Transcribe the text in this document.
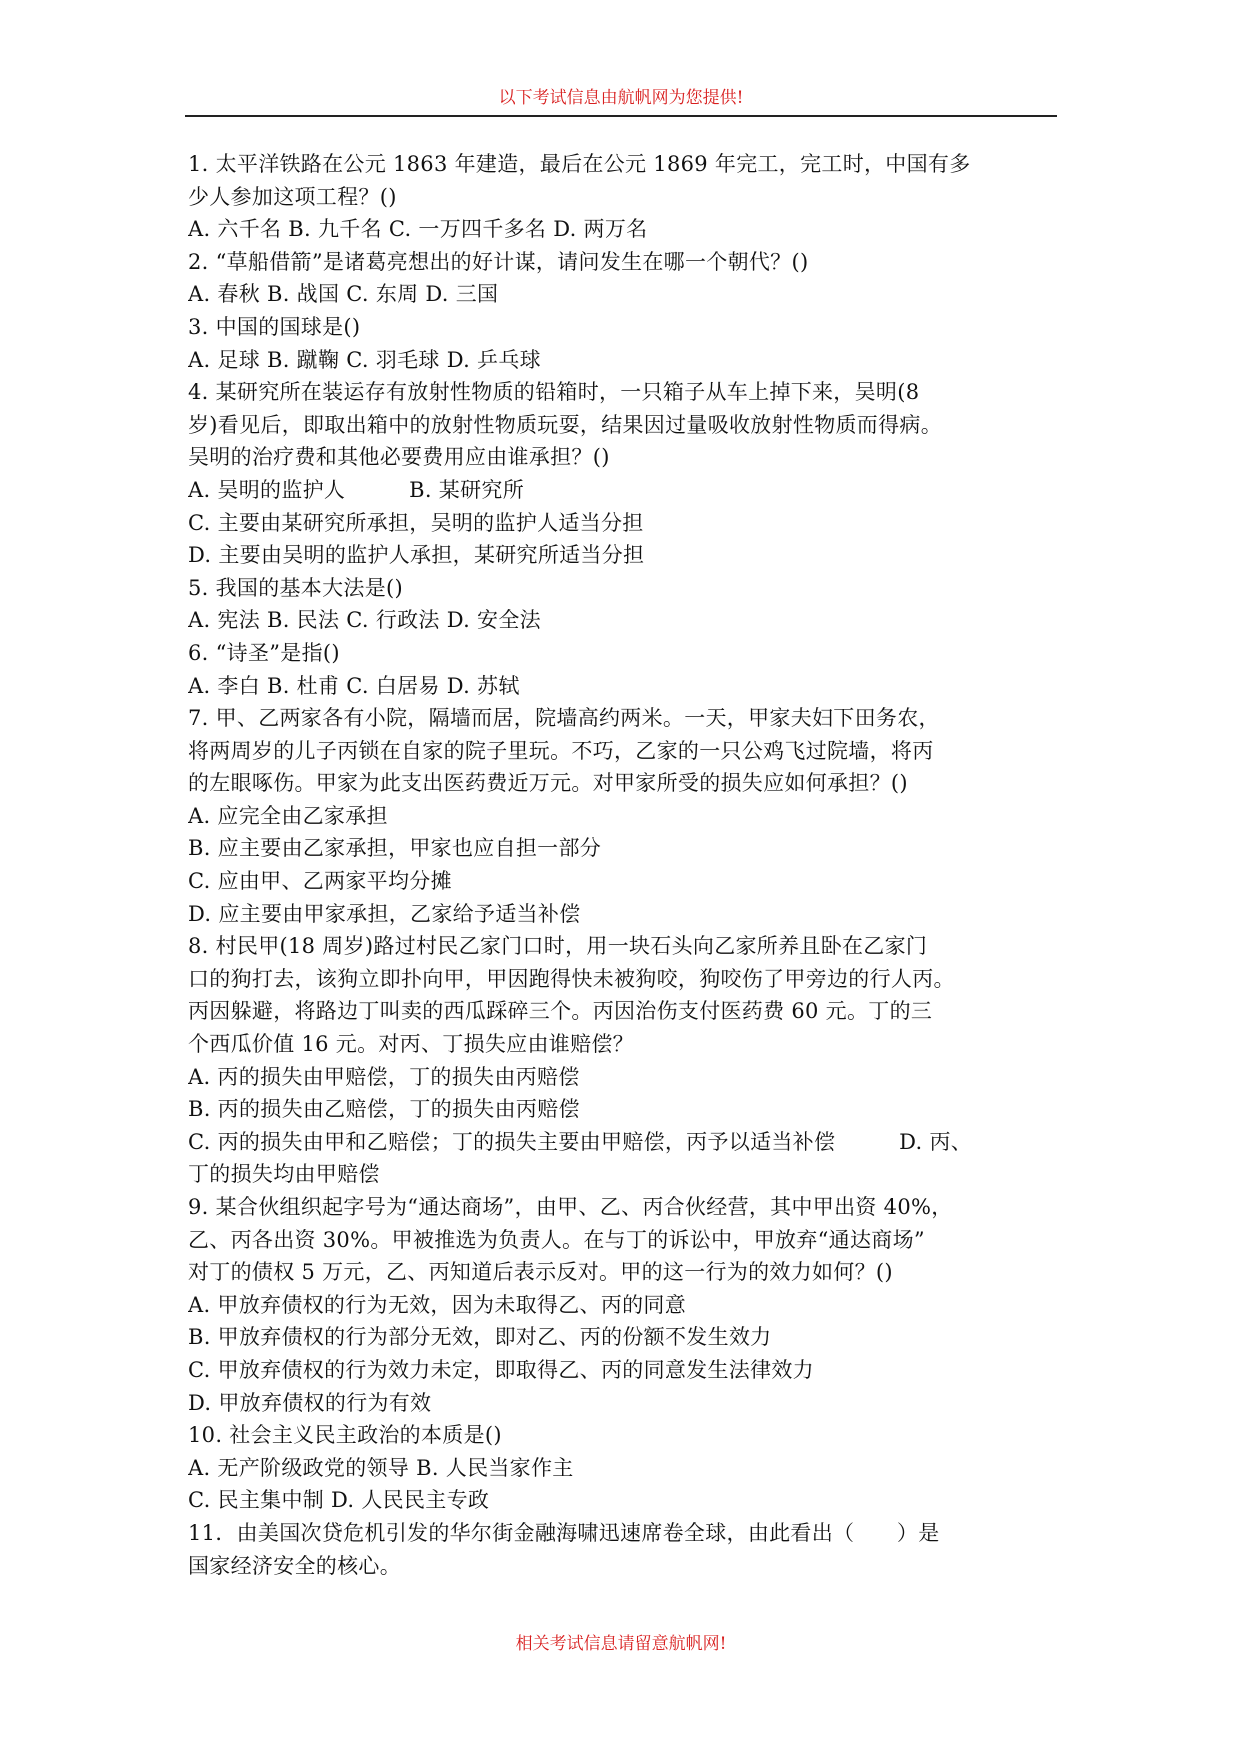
以下考试信息由航帆网为您提供!
1. 太平洋铁路在公元 1863 年建造，最后在公元 1869 年完工，完工时，中国有多
少人参加这项工程？()
A. 六千名 B. 九千名 C. 一万四千多名 D. 两万名
2. “草船借箭”是诸葛亮想出的好计谋，请问发生在哪一个朝代？()
A. 春秋 B. 战国 C. 东周 D. 三国
3. 中国的国球是()
A. 足球 B. 蹴鞠 C. 羽毛球 D. 乒乓球
4. 某研究所在装运存有放射性物质的铅箱时，一只箱子从车上掉下来，吴明(8
岁)看见后，即取出箱中的放射性物质玩耍，结果因过量吸收放射性物质而得病。
吴明的治疗费和其他必要费用应由谁承担？()
A. 吴明的监护人　　　B. 某研究所
C. 主要由某研究所承担，吴明的监护人适当分担
D. 主要由吴明的监护人承担，某研究所适当分担
5. 我国的基本大法是()
A. 宪法 B. 民法 C. 行政法 D. 安全法
6. “诗圣”是指()
A. 李白 B. 杜甫 C. 白居易 D. 苏轼
7. 甲、乙两家各有小院，隔墙而居，院墙高约两米。一天，甲家夫妇下田务农，
将两周岁的儿子丙锁在自家的院子里玩。不巧，乙家的一只公鸡飞过院墙，将丙
的左眼啄伤。甲家为此支出医药费近万元。对甲家所受的损失应如何承担？()
A. 应完全由乙家承担
B. 应主要由乙家承担，甲家也应自担一部分
C. 应由甲、乙两家平均分摊
D. 应主要由甲家承担，乙家给予适当补偿
8. 村民甲(18 周岁)路过村民乙家门口时，用一块石头向乙家所养且卧在乙家门
口的狗打去，该狗立即扑向甲，甲因跑得快未被狗咬，狗咬伤了甲旁边的行人丙。
丙因躲避，将路边丁叫卖的西瓜踩碎三个。丙因治伤支付医药费 60 元。丁的三
个西瓜价值 16 元。对丙、丁损失应由谁赔偿？
A. 丙的损失由甲赔偿，丁的损失由丙赔偿
B. 丙的损失由乙赔偿，丁的损失由丙赔偿
C. 丙的损失由甲和乙赔偿；丁的损失主要由甲赔偿，丙予以适当补偿　　　D. 丙、
丁的损失均由甲赔偿
9. 某合伙组织起字号为“通达商场”，由甲、乙、丙合伙经营，其中甲出资 40%，
乙、丙各出资 30%。甲被推选为负责人。在与丁的诉讼中，甲放弃“通达商场”
对丁的债权 5 万元，乙、丙知道后表示反对。甲的这一行为的效力如何？()
A. 甲放弃债权的行为无效，因为未取得乙、丙的同意
B. 甲放弃债权的行为部分无效，即对乙、丙的份额不发生效力
C. 甲放弃债权的行为效力未定，即取得乙、丙的同意发生法律效力
D. 甲放弃债权的行为有效
10. 社会主义民主政治的本质是()
A. 无产阶级政党的领导 B. 人民当家作主
C. 民主集中制 D. 人民民主专政
11．由美国次贷危机引发的华尔街金融海啸迅速席卷全球，由此看出（　　）是
国家经济安全的核心。
相关考试信息请留意航帆网!
